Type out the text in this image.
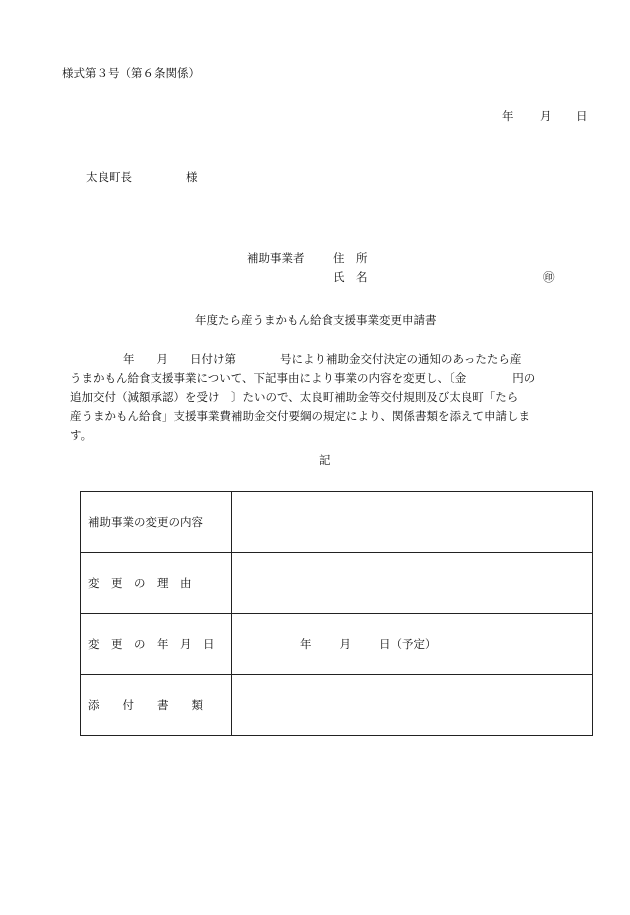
様式第３号（第６条関係）
年 月 日
太良町長	様
補助事業者 住　所
氏　名	㊞
年度たら産うまかもん給食支援事業変更申請書
年 月 日付け第	号により補助金交付決定の通知のあったたら産
うまかもん給食支援事業について、下記事由により事業の内容を変更し、〔金　　　　円の
追加交付（減額承認）を受け　〕たいので、太良町補助金等交付規則及び太良町「たら
産うまかもん給食」支援事業費補助金交付要綱の規定により、関係書類を添えて申請しま
す。
記
補助事業の変更の内容	
変　更　の　理　由	
変　更　の　年　月　日	年 月 日（予定）
添　　付　　書　　類	
